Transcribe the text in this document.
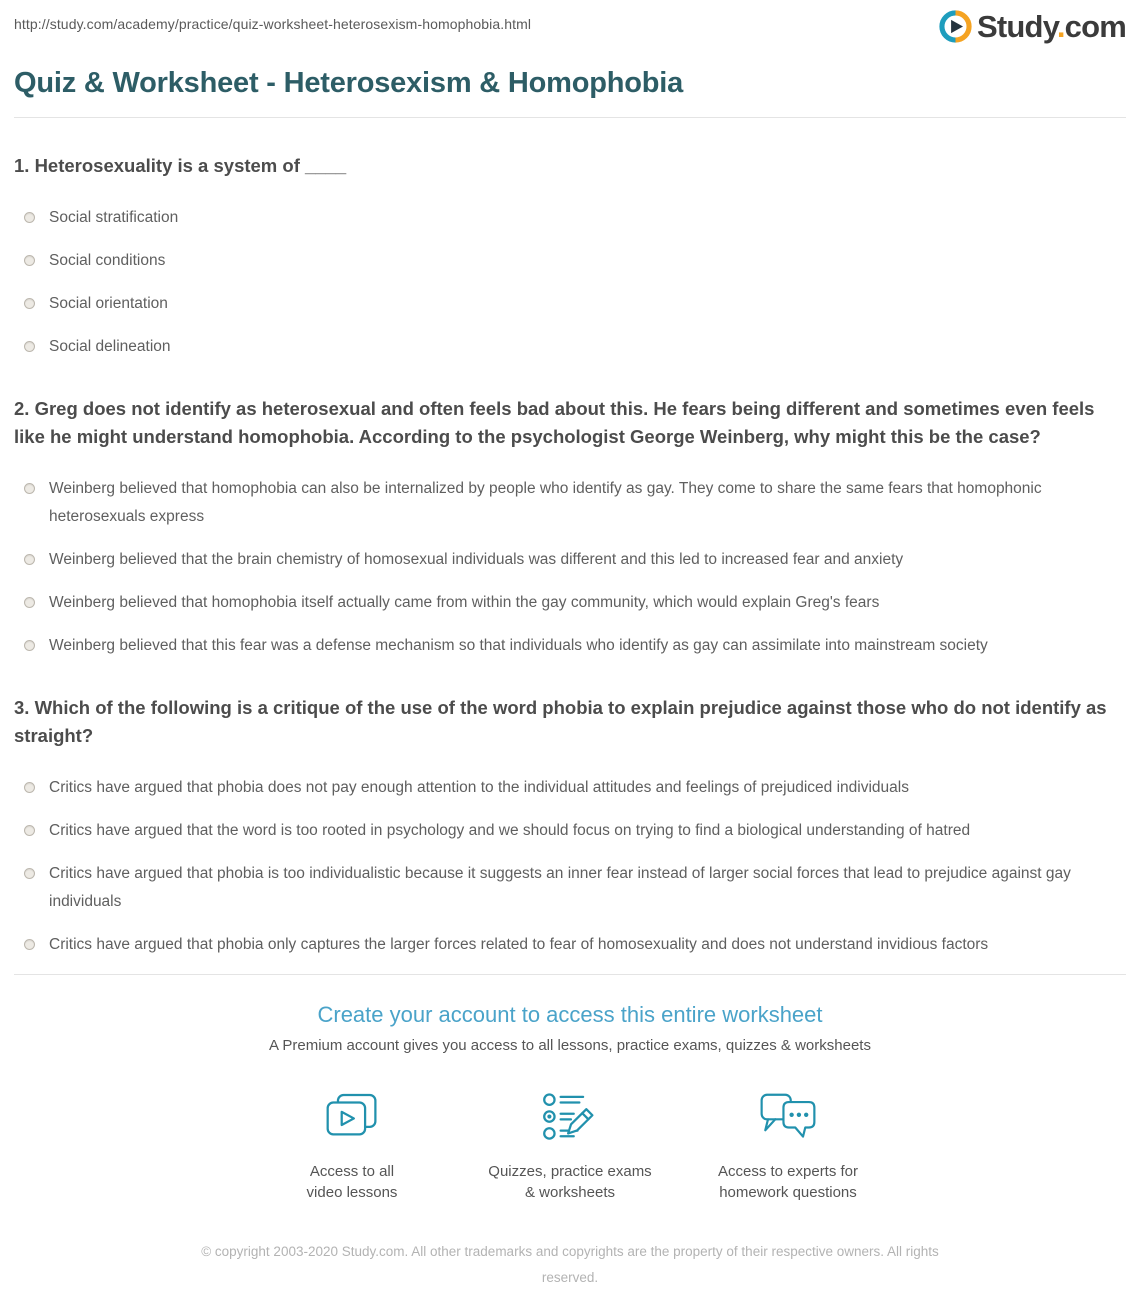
http://study.com/academy/practice/quiz-worksheet-heterosexism-homophobia.html	Study.com
Quiz & Worksheet - Heterosexism & Homophobia
1. Heterosexuality is a system of ____
Social stratification
Social conditions
Social orientation
Social delineation
2. Greg does not identify as heterosexual and often feels bad about this. He fears being different and sometimes even feels like he might understand homophobia. According to the psychologist George Weinberg, why might this be the case?
Weinberg believed that homophobia can also be internalized by people who identify as gay. They come to share the same fears that homophonic heterosexuals express
Weinberg believed that the brain chemistry of homosexual individuals was different and this led to increased fear and anxiety
Weinberg believed that homophobia itself actually came from within the gay community, which would explain Greg's fears
Weinberg believed that this fear was a defense mechanism so that individuals who identify as gay can assimilate into mainstream society
3. Which of the following is a critique of the use of the word phobia to explain prejudice against those who do not identify as straight?
Critics have argued that phobia does not pay enough attention to the individual attitudes and feelings of prejudiced individuals
Critics have argued that the word is too rooted in psychology and we should focus on trying to find a biological understanding of hatred
Critics have argued that phobia is too individualistic because it suggests an inner fear instead of larger social forces that lead to prejudice against gay individuals
Critics have argued that phobia only captures the larger forces related to fear of homosexuality and does not understand invidious factors
Create your account to access this entire worksheet

A Premium account gives you access to all lessons, practice exams, quizzes & worksheets

Access to all
video lessons
Quizzes, practice exams
& worksheets
Access to experts for
homework questions

© copyright 2003-2020 Study.com. All other trademarks and copyrights are the property of their respective owners. All rights reserved.
